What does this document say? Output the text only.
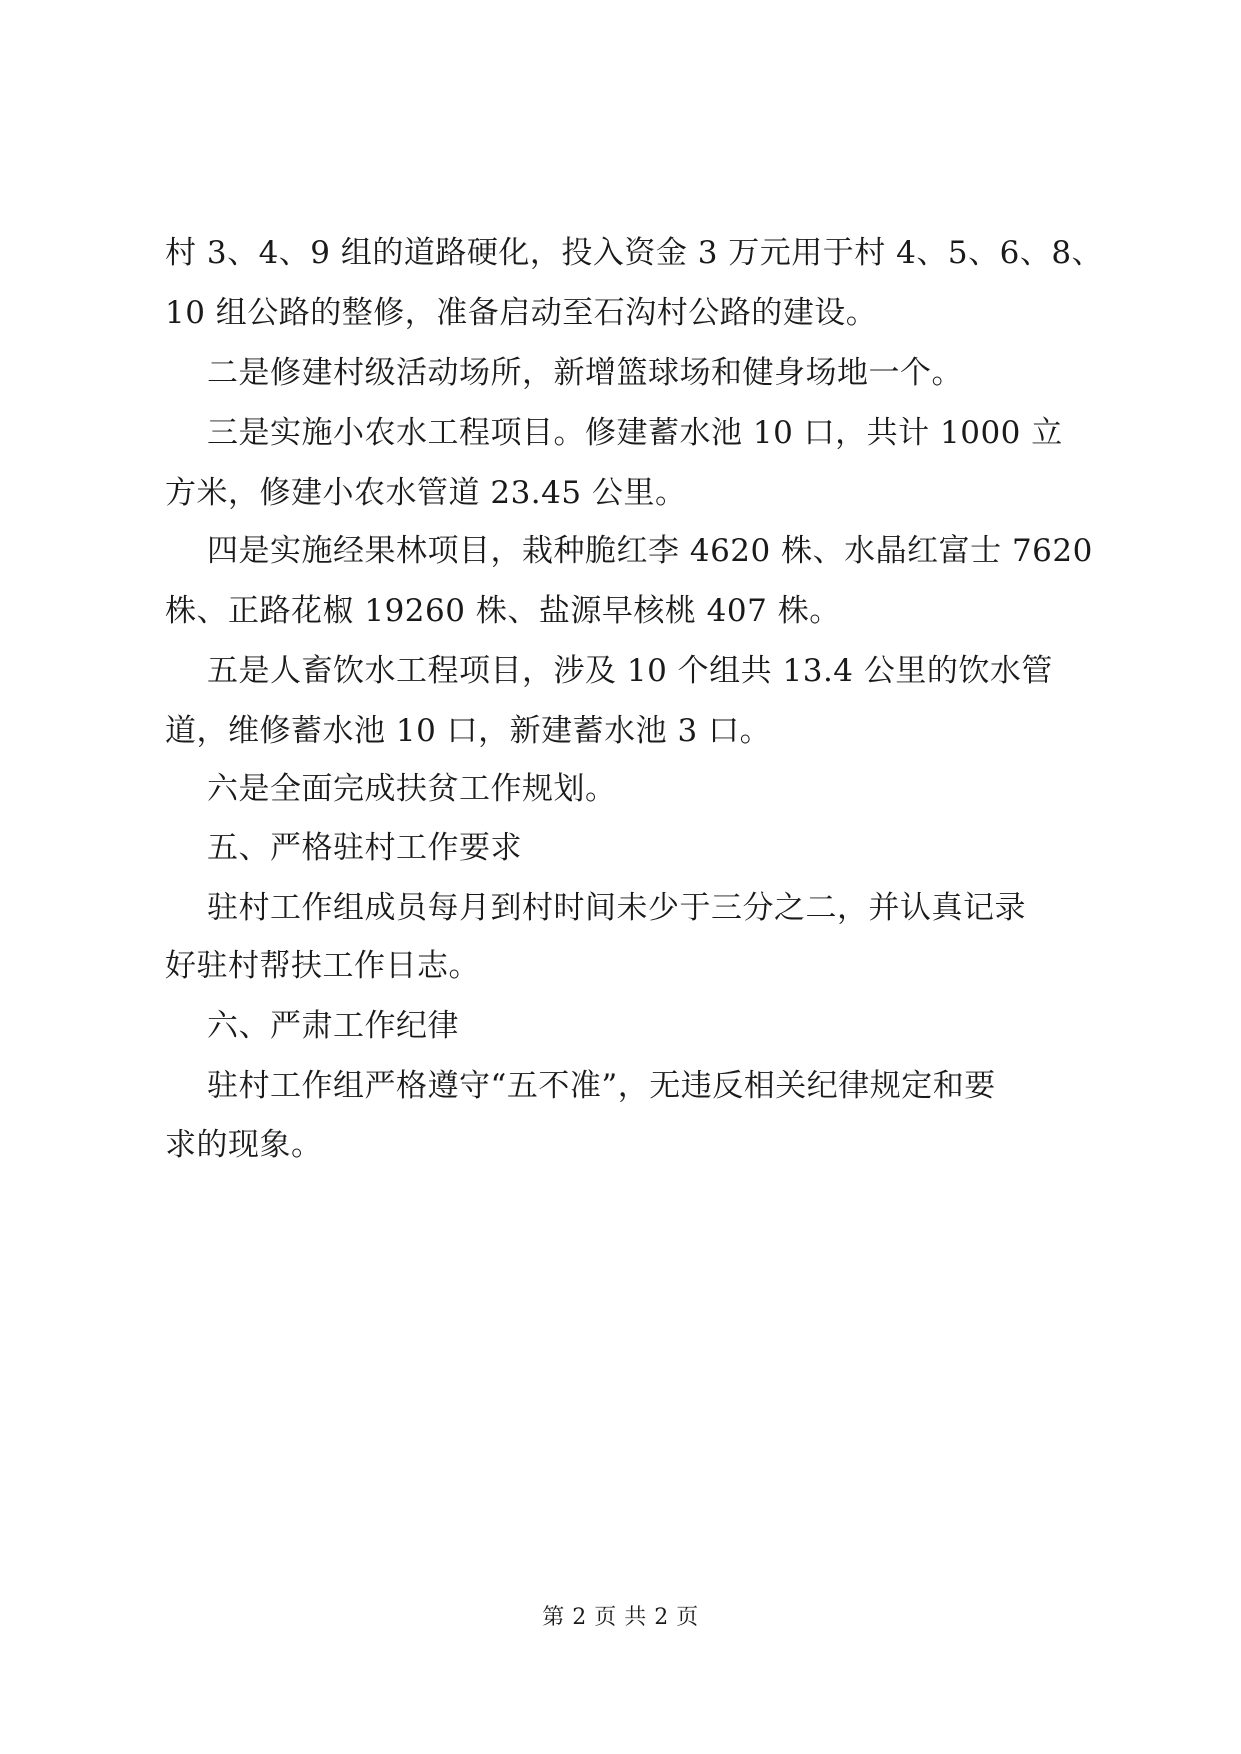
村 3、4、9 组的道路硬化，投入资金 3 万元用于村 4、5、6、8、
10 组公路的整修，准备启动至石沟村公路的建设。
二是修建村级活动场所，新增篮球场和健身场地一个。
三是实施小农水工程项目。修建蓄水池 10 口，共计 1000 立
方米，修建小农水管道 23.45 公里。
四是实施经果林项目，栽种脆红李 4620 株、水晶红富士 7620
株、正路花椒 19260 株、盐源早核桃 407 株。
五是人畜饮水工程项目，涉及 10 个组共 13.4 公里的饮水管
道，维修蓄水池 10 口，新建蓄水池 3 口。
六是全面完成扶贫工作规划。
五、严格驻村工作要求
驻村工作组成员每月到村时间未少于三分之二，并认真记录
好驻村帮扶工作日志。
六、严肃工作纪律
驻村工作组严格遵守“五不准”，无违反相关纪律规定和要
求的现象。
第 2 页 共 2 页
